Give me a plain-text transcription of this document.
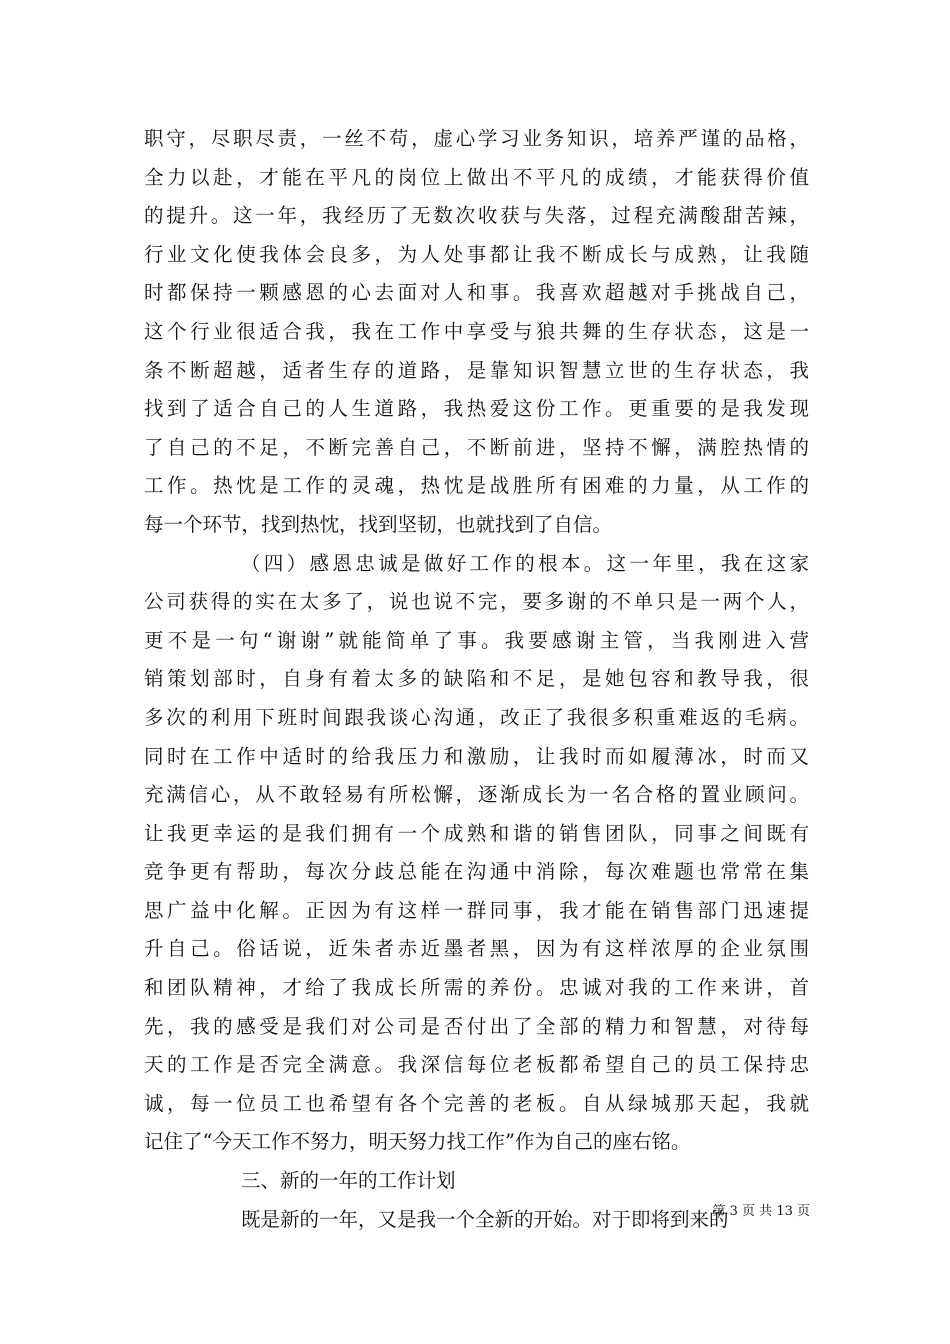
职守，尽职尽责，一丝不苟，虚心学习业务知识，培养严谨的品格，
全力以赴，才能在平凡的岗位上做出不平凡的成绩，才能获得价值
的提升。这一年，我经历了无数次收获与失落，过程充满酸甜苦辣，
行业文化使我体会良多，为人处事都让我不断成长与成熟，让我随
时都保持一颗感恩的心去面对人和事。我喜欢超越对手挑战自己，
这个行业很适合我，我在工作中享受与狼共舞的生存状态，这是一
条不断超越，适者生存的道路，是靠知识智慧立世的生存状态，我
找到了适合自己的人生道路，我热爱这份工作。更重要的是我发现
了自己的不足，不断完善自己，不断前进，坚持不懈，满腔热情的
工作。热忱是工作的灵魂，热忱是战胜所有困难的力量，从工作的
每一个环节，找到热忱，找到坚韧，也就找到了自信。
（四）感恩忠诚是做好工作的根本。这一年里，我在这家
公司获得的实在太多了，说也说不完，要多谢的不单只是一两个人，
更不是一句“谢谢”就能简单了事。我要感谢主管，当我刚进入营
销策划部时，自身有着太多的缺陷和不足，是她包容和教导我，很
多次的利用下班时间跟我谈心沟通，改正了我很多积重难返的毛病。
同时在工作中适时的给我压力和激励，让我时而如履薄冰，时而又
充满信心，从不敢轻易有所松懈，逐渐成长为一名合格的置业顾问。
让我更幸运的是我们拥有一个成熟和谐的销售团队，同事之间既有
竞争更有帮助，每次分歧总能在沟通中消除，每次难题也常常在集
思广益中化解。正因为有这样一群同事，我才能在销售部门迅速提
升自己。俗话说，近朱者赤近墨者黑，因为有这样浓厚的企业氛围
和团队精神，才给了我成长所需的养份。忠诚对我的工作来讲，首
先，我的感受是我们对公司是否付出了全部的精力和智慧，对待每
天的工作是否完全满意。我深信每位老板都希望自己的员工保持忠
诚，每一位员工也希望有各个完善的老板。自从绿城那天起，我就
记住了“今天工作不努力，明天努力找工作”作为自己的座右铭。
三、新的一年的工作计划
既是新的一年，又是我一个全新的开始。对于即将到来的
第 3 页 共 13 页
